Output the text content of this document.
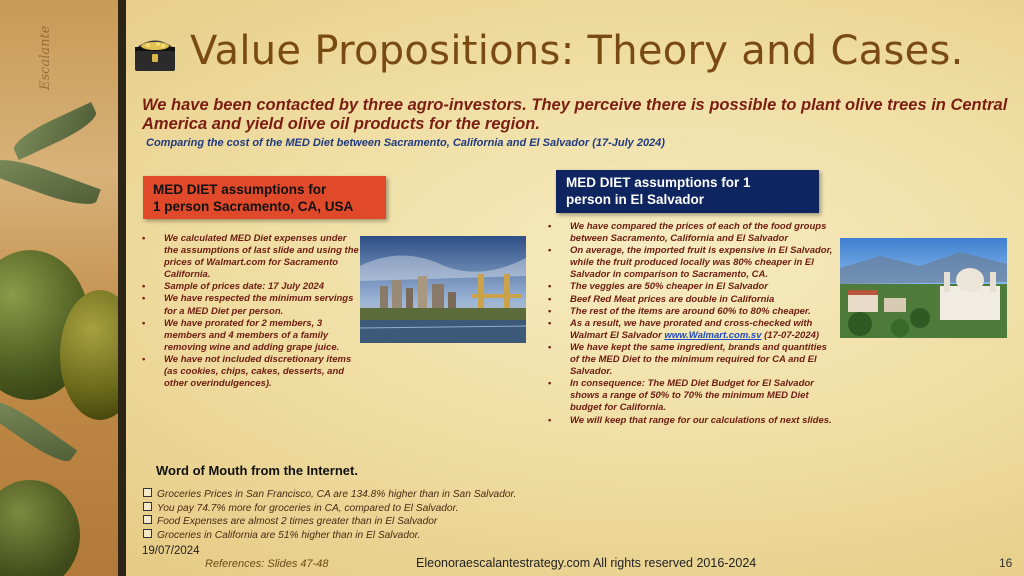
Escalante	Value Propositions: Theory and Cases.
We have been contacted by three agro-investors. They perceive there is possible to plant olive trees in Central America and yield olive oil products for the region.
Comparing the cost of the MED Diet between Sacramento, California and El Salvador (17-July 2024)
MED DIET assumptions for
1 person Sacramento, CA, USA
• We calculated MED Diet expenses under the assumptions of last slide and using the prices of Walmart.com for Sacramento California.
• Sample of prices date: 17 July 2024
• We have respected the minimum servings for a MED Diet per person.
• We have prorated for 2 members, 3 members and 4 members of a family removing wine and adding grape juice.
• We have not included discretionary items (as cookies, chips, cakes, desserts, and other overindulgences).
MED DIET assumptions for 1
person in El Salvador
• We have compared the prices of each of the food groups between Sacramento, California and El Salvador
• On average, the imported fruit is expensive in El Salvador, while the fruit produced locally was 80% cheaper in El Salvador in comparison to Sacramento, CA.
• The veggies are 50% cheaper in El Salvador
• Beef Red Meat prices are double in California
• The rest of the items are around 60% to 80% cheaper.
• As a result, we have prorated and cross-checked with Walmart El Salvador www.Walmart.com.sv (17-07-2024)
• We have kept the same ingredient, brands and quantities of the MED Diet to the minimum required for CA and El Salvador.
• In consequence: The MED Diet Budget for El Salvador shows a range of 50% to 70% the minimum MED Diet budget for California.
• We will keep that range for our calculations of next slides.
Word of Mouth from the Internet.
Groceries Prices in San Francisco, CA are 134.8% higher than in San Salvador.
You pay 74.7% more for groceries in CA, compared to El Salvador.
Food Expenses are almost 2 times greater than in El Salvador
Groceries in California are 51% higher than in El Salvador.
19/07/2024
References: Slides 47-48	Eleonoraescalantestrategy.com All rights reserved 2016-2024	16
